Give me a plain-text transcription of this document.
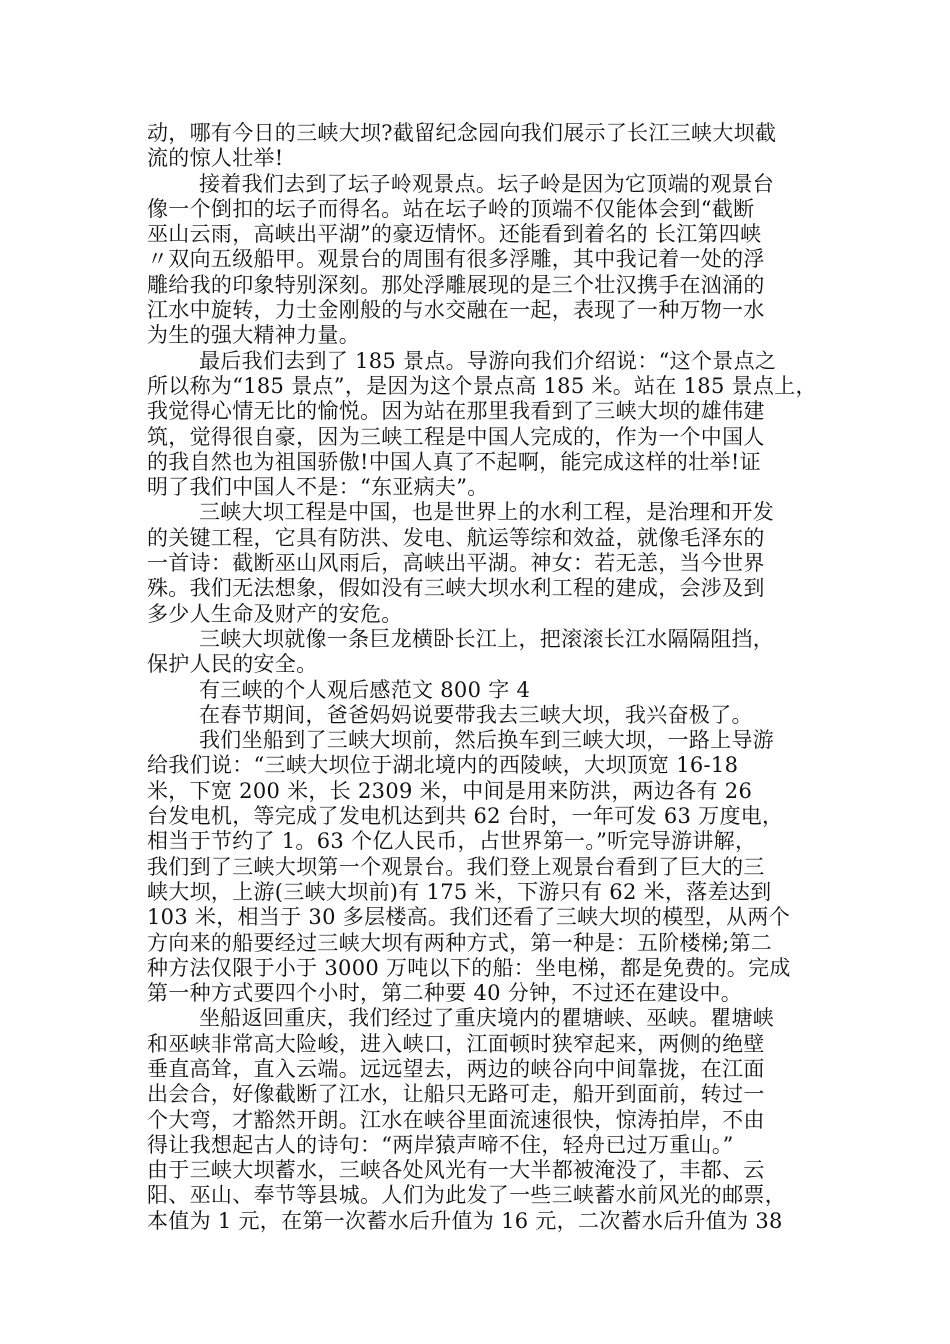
动，哪有今日的三峡大坝?截留纪念园向我们展示了长江三峡大坝截
流的惊人壮举!
接着我们去到了坛子岭观景点。坛子岭是因为它顶端的观景台
像一个倒扣的坛子而得名。站在坛子岭的顶端不仅能体会到“截断
巫山云雨，高峡出平湖”的豪迈情怀。还能看到着名的 长江第四峡
〃双向五级船甲。观景台的周围有很多浮雕，其中我记着一处的浮
雕给我的印象特别深刻。那处浮雕展现的是三个壮汉携手在汹涌的
江水中旋转，力士金刚般的与水交融在一起，表现了一种万物一水
为生的强大精神力量。
最后我们去到了 185 景点。导游向我们介绍说：“这个景点之
所以称为“185 景点”，是因为这个景点高 185 米。站在 185 景点上，
我觉得心情无比的愉悦。因为站在那里我看到了三峡大坝的雄伟建
筑，觉得很自豪，因为三峡工程是中国人完成的，作为一个中国人
的我自然也为祖国骄傲!中国人真了不起啊，能完成这样的壮举!证
明了我们中国人不是：“东亚病夫”。
三峡大坝工程是中国，也是世界上的水利工程，是治理和开发
的关键工程，它具有防洪、发电、航运等综和效益，就像毛泽东的
一首诗：截断巫山风雨后，高峡出平湖。神女：若无恙，当今世界
殊。我们无法想象，假如没有三峡大坝水利工程的建成，会涉及到
多少人生命及财产的安危。
三峡大坝就像一条巨龙横卧长江上，把滚滚长江水隔隔阻挡，
保护人民的安全。
有三峡的个人观后感范文 800 字 4
在春节期间，爸爸妈妈说要带我去三峡大坝，我兴奋极了。
我们坐船到了三峡大坝前，然后换车到三峡大坝，一路上导游
给我们说：“三峡大坝位于湖北境内的西陵峡，大坝顶宽 16-18
米，下宽 200 米，长 2309 米，中间是用来防洪，两边各有 26
台发电机，等完成了发电机达到共 62 台时，一年可发 63 万度电，
相当于节约了 1。63 个亿人民币，占世界第一。”听完导游讲解，
我们到了三峡大坝第一个观景台。我们登上观景台看到了巨大的三
峡大坝，上游(三峡大坝前)有 175 米，下游只有 62 米，落差达到
103 米，相当于 30 多层楼高。我们还看了三峡大坝的模型，从两个
方向来的船要经过三峡大坝有两种方式，第一种是：五阶楼梯;第二
种方法仅限于小于 3000 万吨以下的船：坐电梯，都是免费的。完成
第一种方式要四个小时，第二种要 40 分钟，不过还在建设中。
坐船返回重庆，我们经过了重庆境内的瞿塘峡、巫峡。瞿塘峡
和巫峡非常高大险峻，进入峡口，江面顿时狭窄起来，两侧的绝壁
垂直高耸，直入云端。远远望去，两边的峡谷向中间靠拢，在江面
出会合，好像截断了江水，让船只无路可走，船开到面前，转过一
个大弯，才豁然开朗。江水在峡谷里面流速很快，惊涛拍岸，不由
得让我想起古人的诗句：“两岸猿声啼不住，轻舟已过万重山。”
由于三峡大坝蓄水，三峡各处风光有一大半都被淹没了，丰都、云
阳、巫山、奉节等县城。人们为此发了一些三峡蓄水前风光的邮票，
本值为 1 元，在第一次蓄水后升值为 16 元，二次蓄水后升值为 38
